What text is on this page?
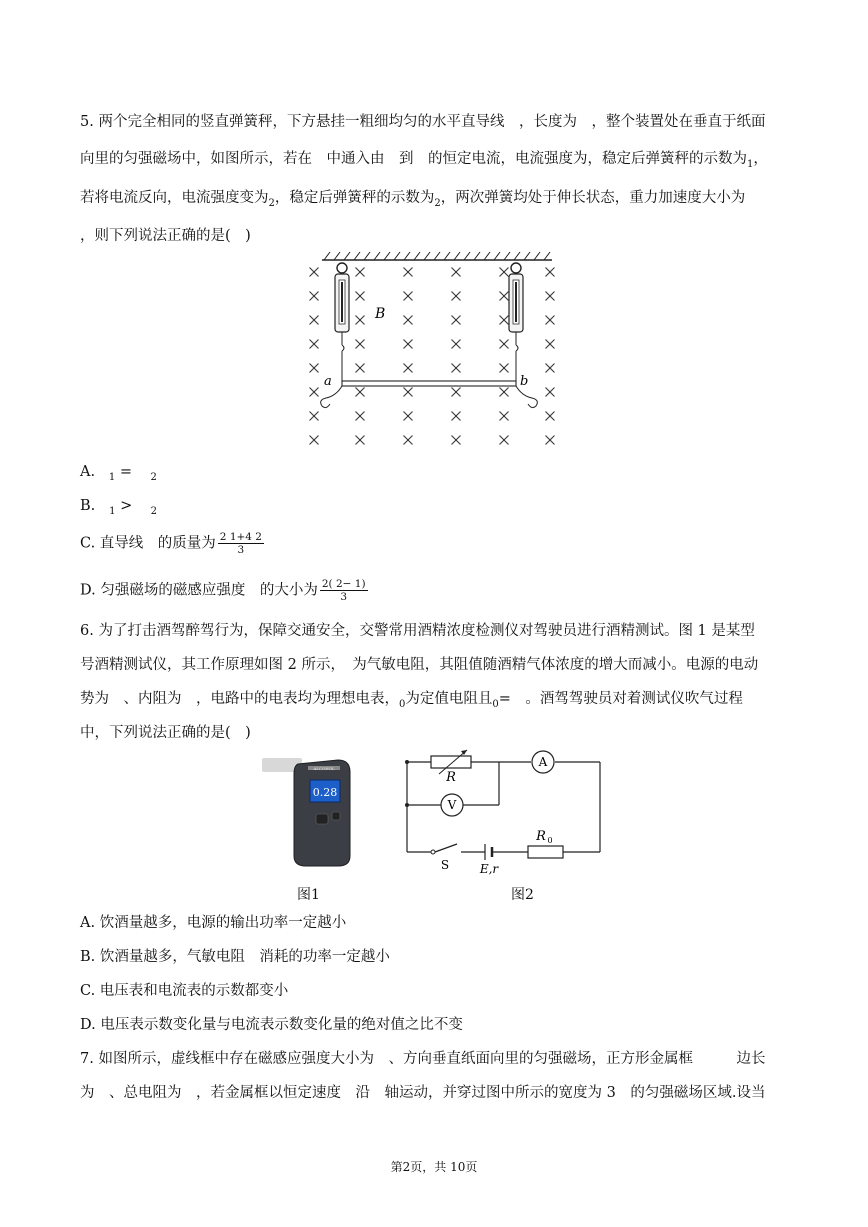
5. 两个完全相同的竖直弹簧秤，下方悬挂一粗细均匀的水平直导线　，长度为　，整个装置处在垂直于纸面
向里的匀强磁场中，如图所示，若在　中通入由　到　的恒定电流，电流强度为，稳定后弹簧秤的示数为$_1$，
若将电流反向，电流强度变为$_2$，稳定后弹簧秤的示数为$_2$，两次弹簧均处于伸长状态，重力加速度大小为
，则下列说法正确的是(　)
B
a	b
A. $_1$ = $_2$
B. $_1$ > $_2$
C. 直导线　的质量为 $\frac{2 1+4 2}{3}$
D. 匀强磁场的磁感应强度　的大小为 $\frac{2( 2- 1)}{3}$
6. 为了打击酒驾醉驾行为，保障交通安全，交警常用酒精浓度检测仪对驾驶员进行酒精测试。图 1 是某型
号酒精测试仪，其工作原理如图 2 所示，　为气敏电阻，其阻值随酒精气体浓度的增大而减小。电源的电动
势为　、内阻为　，电路中的电表均为理想电表，$_0$为定值电阻且$_0$=　。酒驾驾驶员对着测试仪吹气过程
中，下列说法正确的是(　)
ALCOHOL
0.28
R
A
V
S	E,r
R 0
图1	图2
A. 饮酒量越多，电源的输出功率一定越小
B. 饮酒量越多，气敏电阻　消耗的功率一定越小
C. 电压表和电流表的示数都变小
D. 电压表示数变化量与电流表示数变化量的绝对值之比不变
7. 如图所示，虚线框中存在磁感应强度大小为　、方向垂直纸面向里的匀强磁场，正方形金属框　　　边长
为　、总电阻为　，若金属框以恒定速度　沿　轴运动，并穿过图中所示的宽度为 3　的匀强磁场区域.设当
第2页，共 10页
